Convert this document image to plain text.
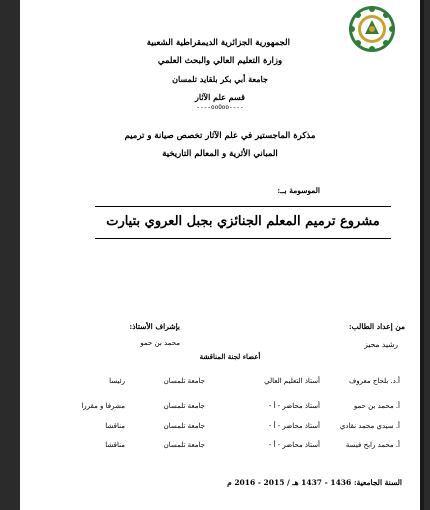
الجمهورية الجزائرية الديمقراطية الشعبية
وزارة التعليم العالي والبحث العلمي
جامعة أبي بكر بلقايد تلمسان
قسم علم الآثار
----ooOoo----
مذكرة الماجستير في علم الآثار تخصص صيانة و ترميم
المباني الأثرية و المعالم التاريخية
الموسومة بــ:
مشروع ترميم المعلم الجنائزي بجبل العروي بتيارت
من إعداد الطالب:
بإشراف الأستاذ:
رشيد محيز
محمد بن حمو
أعضاء لجنة المناقشة
أ.د. بلحاج معروف
أستاذ التعليم العالي
جامعة تلمسان
رئيسا
أ. محمد بن حمو
أستاذ محاضر - أ -
جامعة تلمسان
مشرفا و مقررا
أ. سيدي محمد نقادي
أستاذ محاضر - أ -
جامعة تلمسان
مناقشا
أ. محمد رابح فيسة
أستاذ محاضر - أ -
جامعة تلمسان
مناقشا
السنة الجامعية: 1436 - 1437 هـ / 2015 - 2016 م
